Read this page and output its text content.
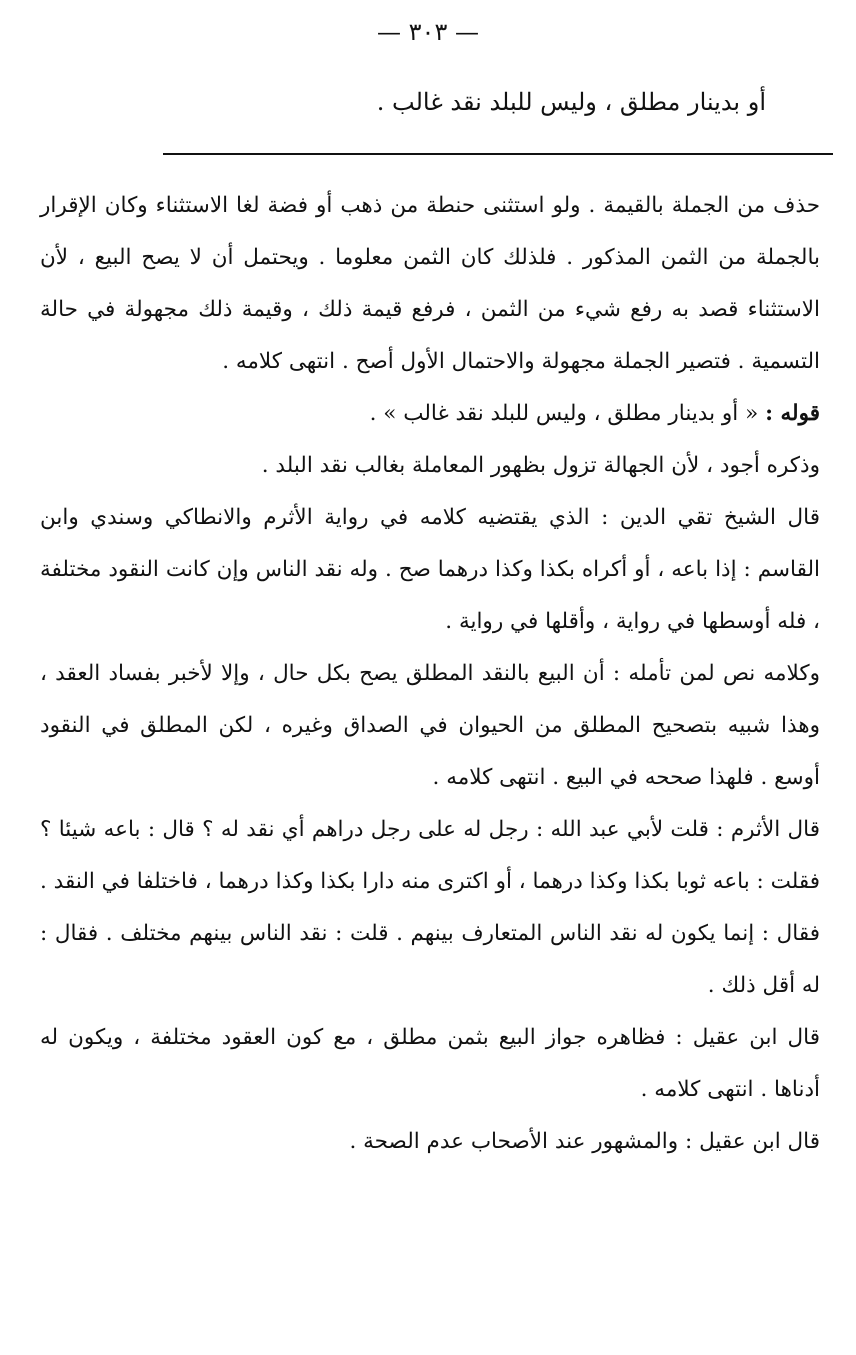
— ٣٠٣ —
أو بدينار مطلق ، وليس للبلد نقد غالب .

حذف من الجملة بالقيمة . ولو استثنى حنطة من ذهب أو فضة لغا الاستثناء وكان الإقرار بالجملة من الثمن المذكور . فلذلك كان الثمن معلوما . ويحتمل أن لا يصح البيع ، لأن الاستثناء قصد به رفع شيء من الثمن ، فرفع قيمة ذلك ، وقيمة ذلك مجهولة في حالة التسمية . فتصير الجملة مجهولة والاحتمال الأول أصح . انتهى كلامه .

قوله : « أو بدينار مطلق ، وليس للبلد نقد غالب » .

وذكره أجود ، لأن الجهالة تزول بظهور المعاملة بغالب نقد البلد .

قال الشيخ تقي الدين : الذي يقتضيه كلامه في رواية الأثرم والانطاكي وسندي وابن القاسم : إذا باعه ، أو أكراه بكذا وكذا درهما صح . وله نقد الناس وإن كانت النقود مختلفة ، فله أوسطها في رواية ، وأقلها في رواية .

وكلامه نص لمن تأمله : أن البيع بالنقد المطلق يصح بكل حال ، وإلا لأخبر بفساد العقد ، وهذا شبيه بتصحيح المطلق من الحيوان في الصداق وغيره ، لكن المطلق في النقود أوسع . فلهذا صححه في البيع . انتهى كلامه .

قال الأثرم : قلت لأبي عبد الله : رجل له على رجل دراهم أي نقد له ؟ قال : باعه شيئا ؟ فقلت : باعه ثوبا بكذا وكذا درهما ، أو اكترى منه دارا بكذا وكذا درهما ، فاختلفا في النقد . فقال : إنما يكون له نقد الناس المتعارف بينهم . قلت : نقد الناس بينهم مختلف . فقال : له أقل ذلك .

قال ابن عقيل : فظاهره جواز البيع بثمن مطلق ، مع كون العقود مختلفة ، ويكون له أدناها . انتهى كلامه .

قال ابن عقيل : والمشهور عند الأصحاب عدم الصحة .
